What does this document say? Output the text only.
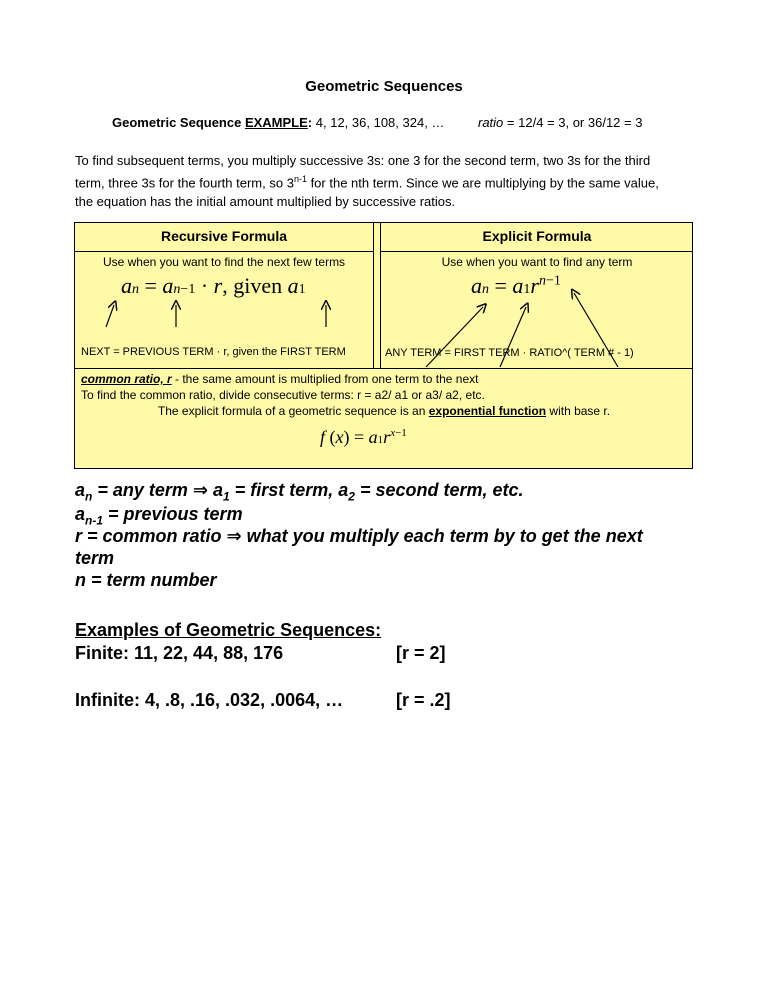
Geometric Sequences
Geometric Sequence EXAMPLE: 4, 12, 36, 108, 324, …	ratio = 12/4 = 3, or 36/12 = 3
To find subsequent terms, you multiply successive 3s: one 3 for the second term, two 3s for the third term, three 3s for the fourth term, so 3$^{n-1}$ for the nth term. Since we are multiplying by the same value, the equation has the initial amount multiplied by successive ratios.
Recursive Formula	Explicit Formula
Use when you want to find the next few terms	Use when you want to find any term
an = an−1 · r, given a1	an = $a1r^{n-1}$
NEXT = PREVIOUS TERM · r, given the FIRST TERM	ANY TERM = FIRST TERM · RATIO^( TERM # - 1)
common ratio, r - the same amount is multiplied from one term to the next
To find the common ratio, divide consecutive terms: r = a2/ a1 or a3/ a2, etc.
The explicit formula of a geometric sequence is an exponential function with base r.
f $(x) = a1r^{x-1}$
$a_n$ = any term ⇒ $a_1$ = first term, $a_2$ = second term, etc.
$a_{n-1}$ = previous term
r = common ratio ⇒ what you multiply each term by to get the next
term
n = term number
Examples of Geometric Sequences:
Finite: 11, 22, 44, 88, 176	[r = 2]
Infinite: 4, .8, .16, .032, .0064, …	[r = .2]
